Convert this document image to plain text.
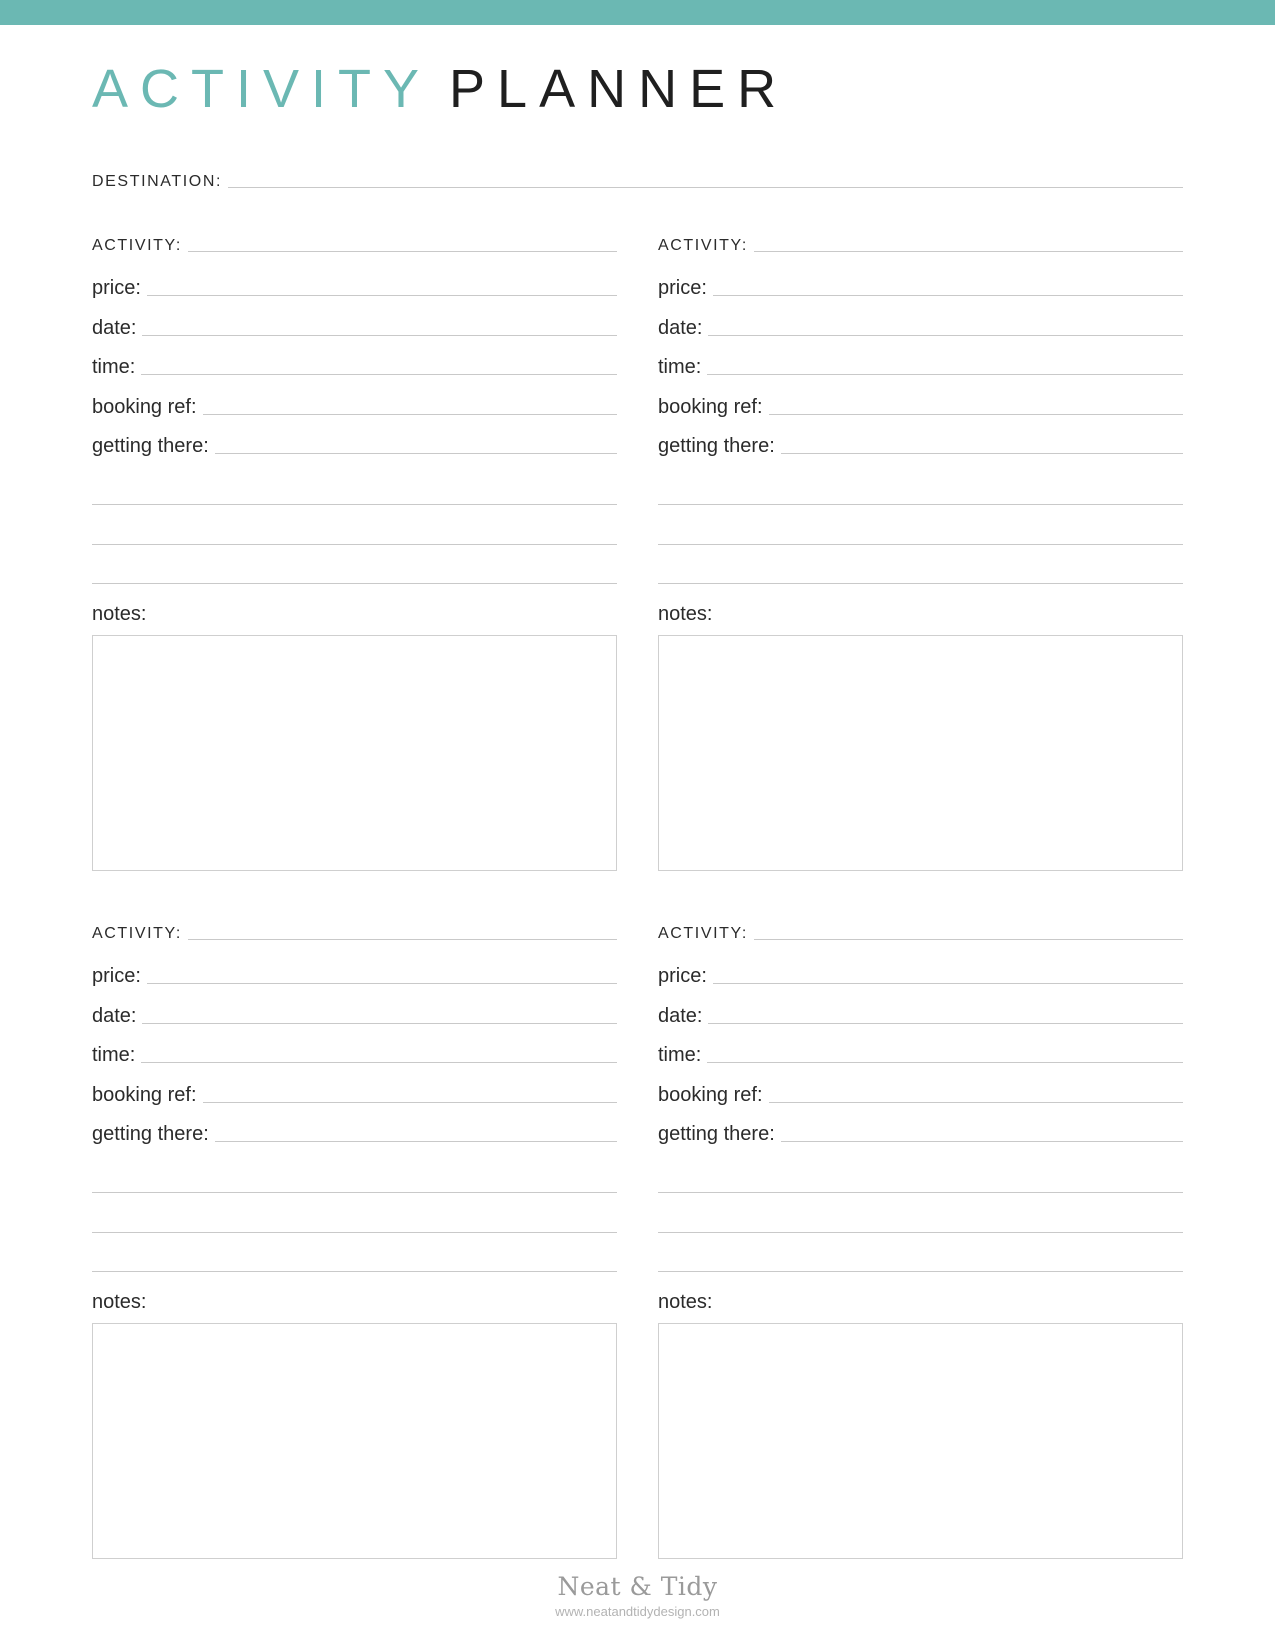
ACTIVITY PLANNER
DESTINATION:
ACTIVITY:
price:
date:
time:
booking ref:
getting there:
notes:
ACTIVITY:
price:
date:
time:
booking ref:
getting there:
notes:
ACTIVITY:
price:
date:
time:
booking ref:
getting there:
notes:
ACTIVITY:
price:
date:
time:
booking ref:
getting there:
notes:
Neat & Tidy
www.neatandtidydesign.com
